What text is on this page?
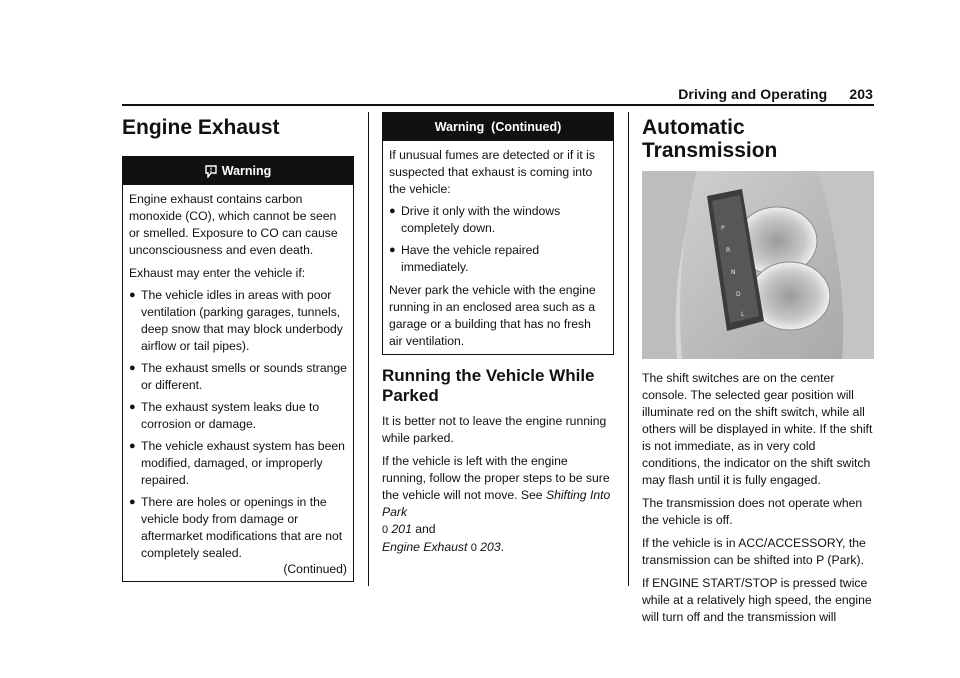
Driving and Operating 203
Engine Exhaust
! Warning

Engine exhaust contains carbon monoxide (CO), which cannot be seen or smelled. Exposure to CO can cause unconsciousness and even death.

Exhaust may enter the vehicle if:

● The vehicle idles in areas with poor ventilation (parking garages, tunnels, deep snow that may block underbody airflow or tail pipes).
● The exhaust smells or sounds strange or different.
● The exhaust system leaks due to corrosion or damage.
● The vehicle exhaust system has been modified, damaged, or improperly repaired.
● There are holes or openings in the vehicle body from damage or aftermarket modifications that are not completely sealed.
(Continued)
Warning  (Continued)

If unusual fumes are detected or if it is suspected that exhaust is coming into the vehicle:

● Drive it only with the windows completely down.
● Have the vehicle repaired immediately.

Never park the vehicle with the engine running in an enclosed area such as a garage or a building that has no fresh air ventilation.

Running the Vehicle While Parked

It is better not to leave the engine running while parked.

If the vehicle is left with the engine running, follow the proper steps to be sure the vehicle will not move. See Shifting Into Park
0 201 and
Engine Exhaust 0 203.

Automatic Transmission
P
R
N
D
L

The shift switches are on the center console. The selected gear position will illuminate red on the shift switch, while all others will be displayed in white. If the shift is not immediate, as in very cold conditions, the indicator on the shift switch may flash until it is fully engaged.

The transmission does not operate when the vehicle is off.

If the vehicle is in ACC/ACCESSORY, the transmission can be shifted into P (Park).

If ENGINE START/STOP is pressed twice while at a relatively high speed, the engine will turn off and the transmission will
